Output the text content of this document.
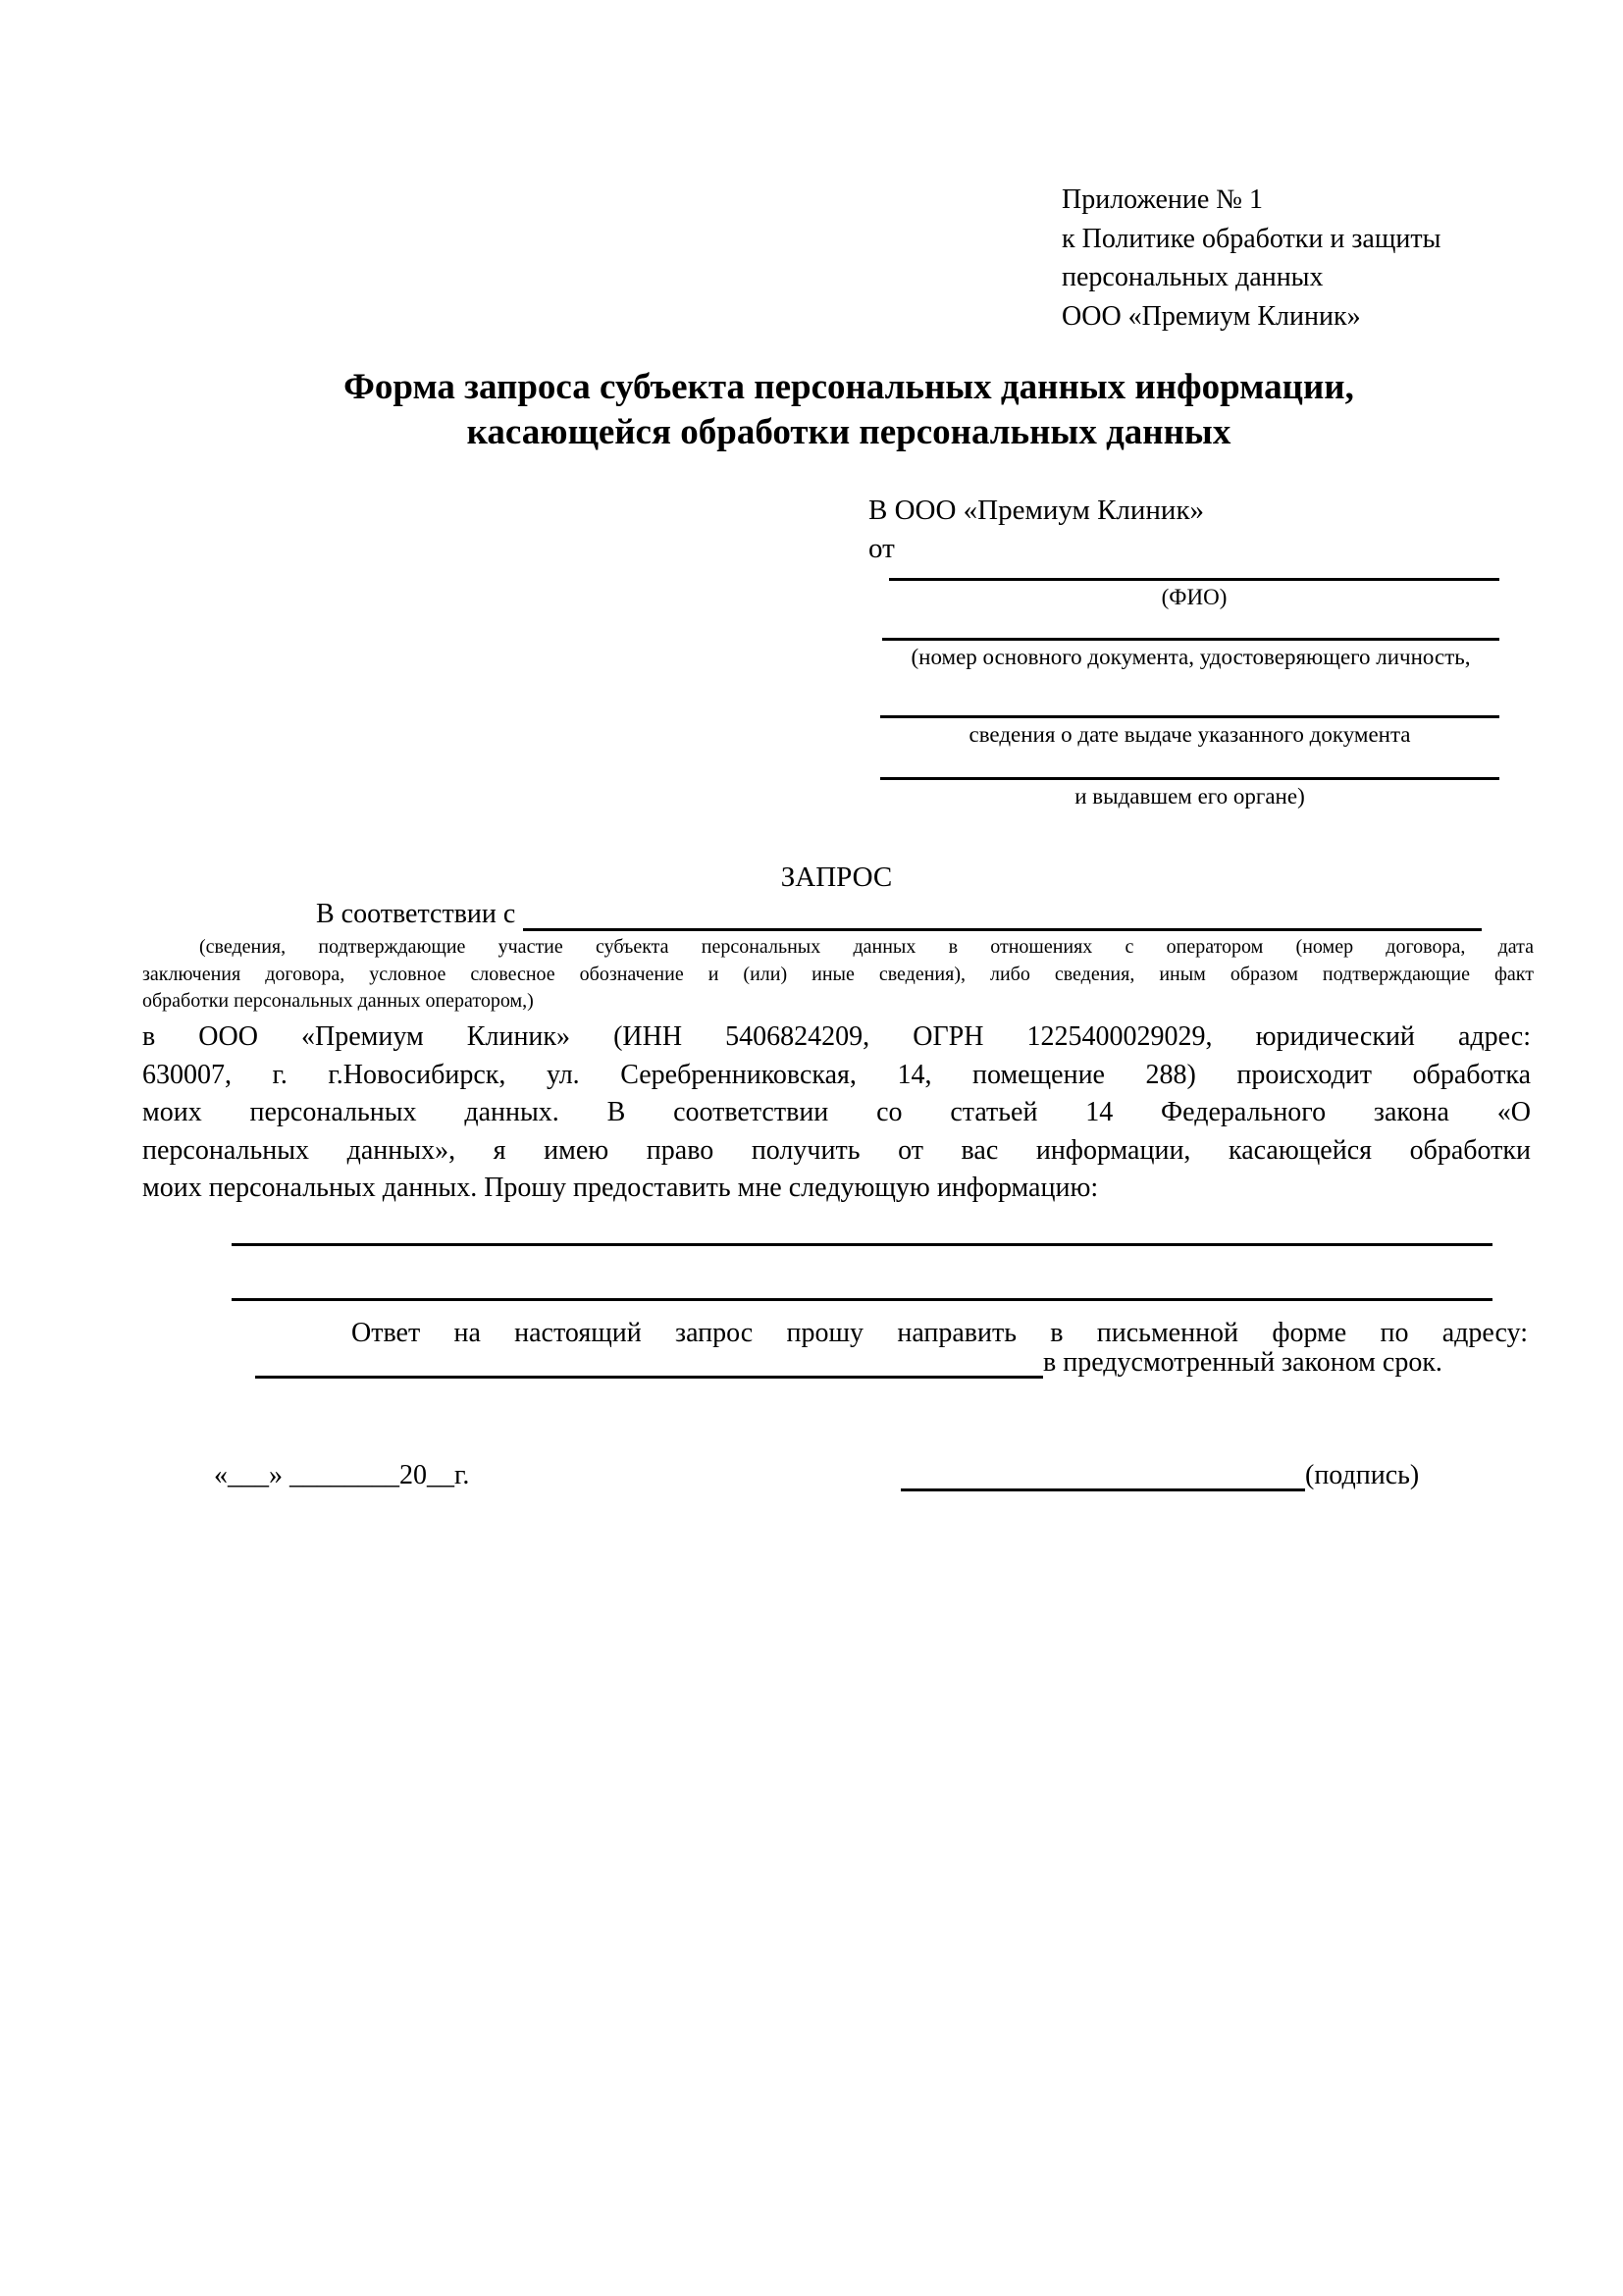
Приложение № 1
к Политике обработки и защиты
персональных данных
ООО «Премиум Клиник»
Форма запроса субъекта персональных данных информации,
касающейся обработки персональных данных
В ООО «Премиум Клиник»
от
(ФИО)
(номер основного документа, удостоверяющего личность,
сведения о дате выдаче указанного документа
и выдавшем его органе)
ЗАПРОС
В соответствии с
(сведения, подтверждающие участие субъекта персональных данных в отношениях с оператором (номер договора, дата
заключения договора, условное словесное обозначение и (или) иные сведения), либо сведения, иным образом подтверждающие факт
обработки персональных данных оператором,)
в ООО «Премиум Клиник» (ИНН 5406824209, ОГРН 1225400029029, юридический адрес:
630007, г. г.Новосибирск, ул. Серебренниковская, 14, помещение 288) происходит обработка
моих персональных данных. В соответствии со статьей 14 Федерального закона «О
персональных данных», я имею право получить от вас информации, касающейся обработки
моих персональных данных. Прошу предоставить мне следующую информацию:
Ответ на настоящий запрос прошу направить в письменной форме по адресу:
в предусмотренный законом срок.
«___» ________20__г.	(подпись)
